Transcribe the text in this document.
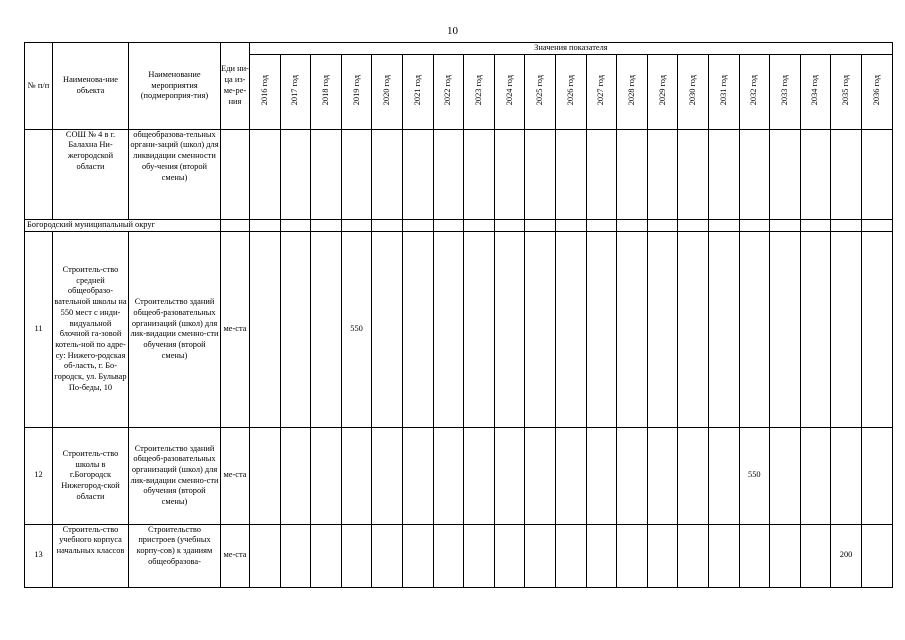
10
№ п/п	Наименова-ние объекта	Наименование мероприятия (подмероприя-тия)	Еди ни-ца из-ме-ре-ния	Значения показателя																				
				2016 год	2017 год	2018 год	2019 год	2020 год	2021 год	2022 год	2023 год	2024 год	2025 год	2026 год	2027 год	2028 год	2029 год	2030 год	2031 год	2032 год	2033 год	2034 год	2035 год	2036 год

	СОШ № 4 в г. Балахна Ни-жегородской области	общеобразова-тельных органи-заций (школ) для ликвидации сменности обу-чения (второй смены)																						

Богородский муниципальный округ																								
11	Строитель-ство средней общеобразо-вательной школы на 550 мест с инди-видуальной блочной га-зовой котель-ной по адре-су: Нижего-родская об-ласть, г. Бо-городск, ул. Бульвар По-беды, 10	Строительство зданий общеоб-разовательных организаций (школ) для лик-видации сменно-сти обучения (второй смены)	ме-ста				550																	
12	Строитель-ство школы в г.Богородск Нижегород-ской области	Строительство зданий общеоб-разовательных организаций (школ) для лик-видации сменно-сти обучения (второй смены)	ме-ста																	550				
13	Строитель-ство учебного корпуса начальных классов	Строительство пристроев (учебных корпу-сов) к зданиям общеобразова-	ме-ста																				200	
